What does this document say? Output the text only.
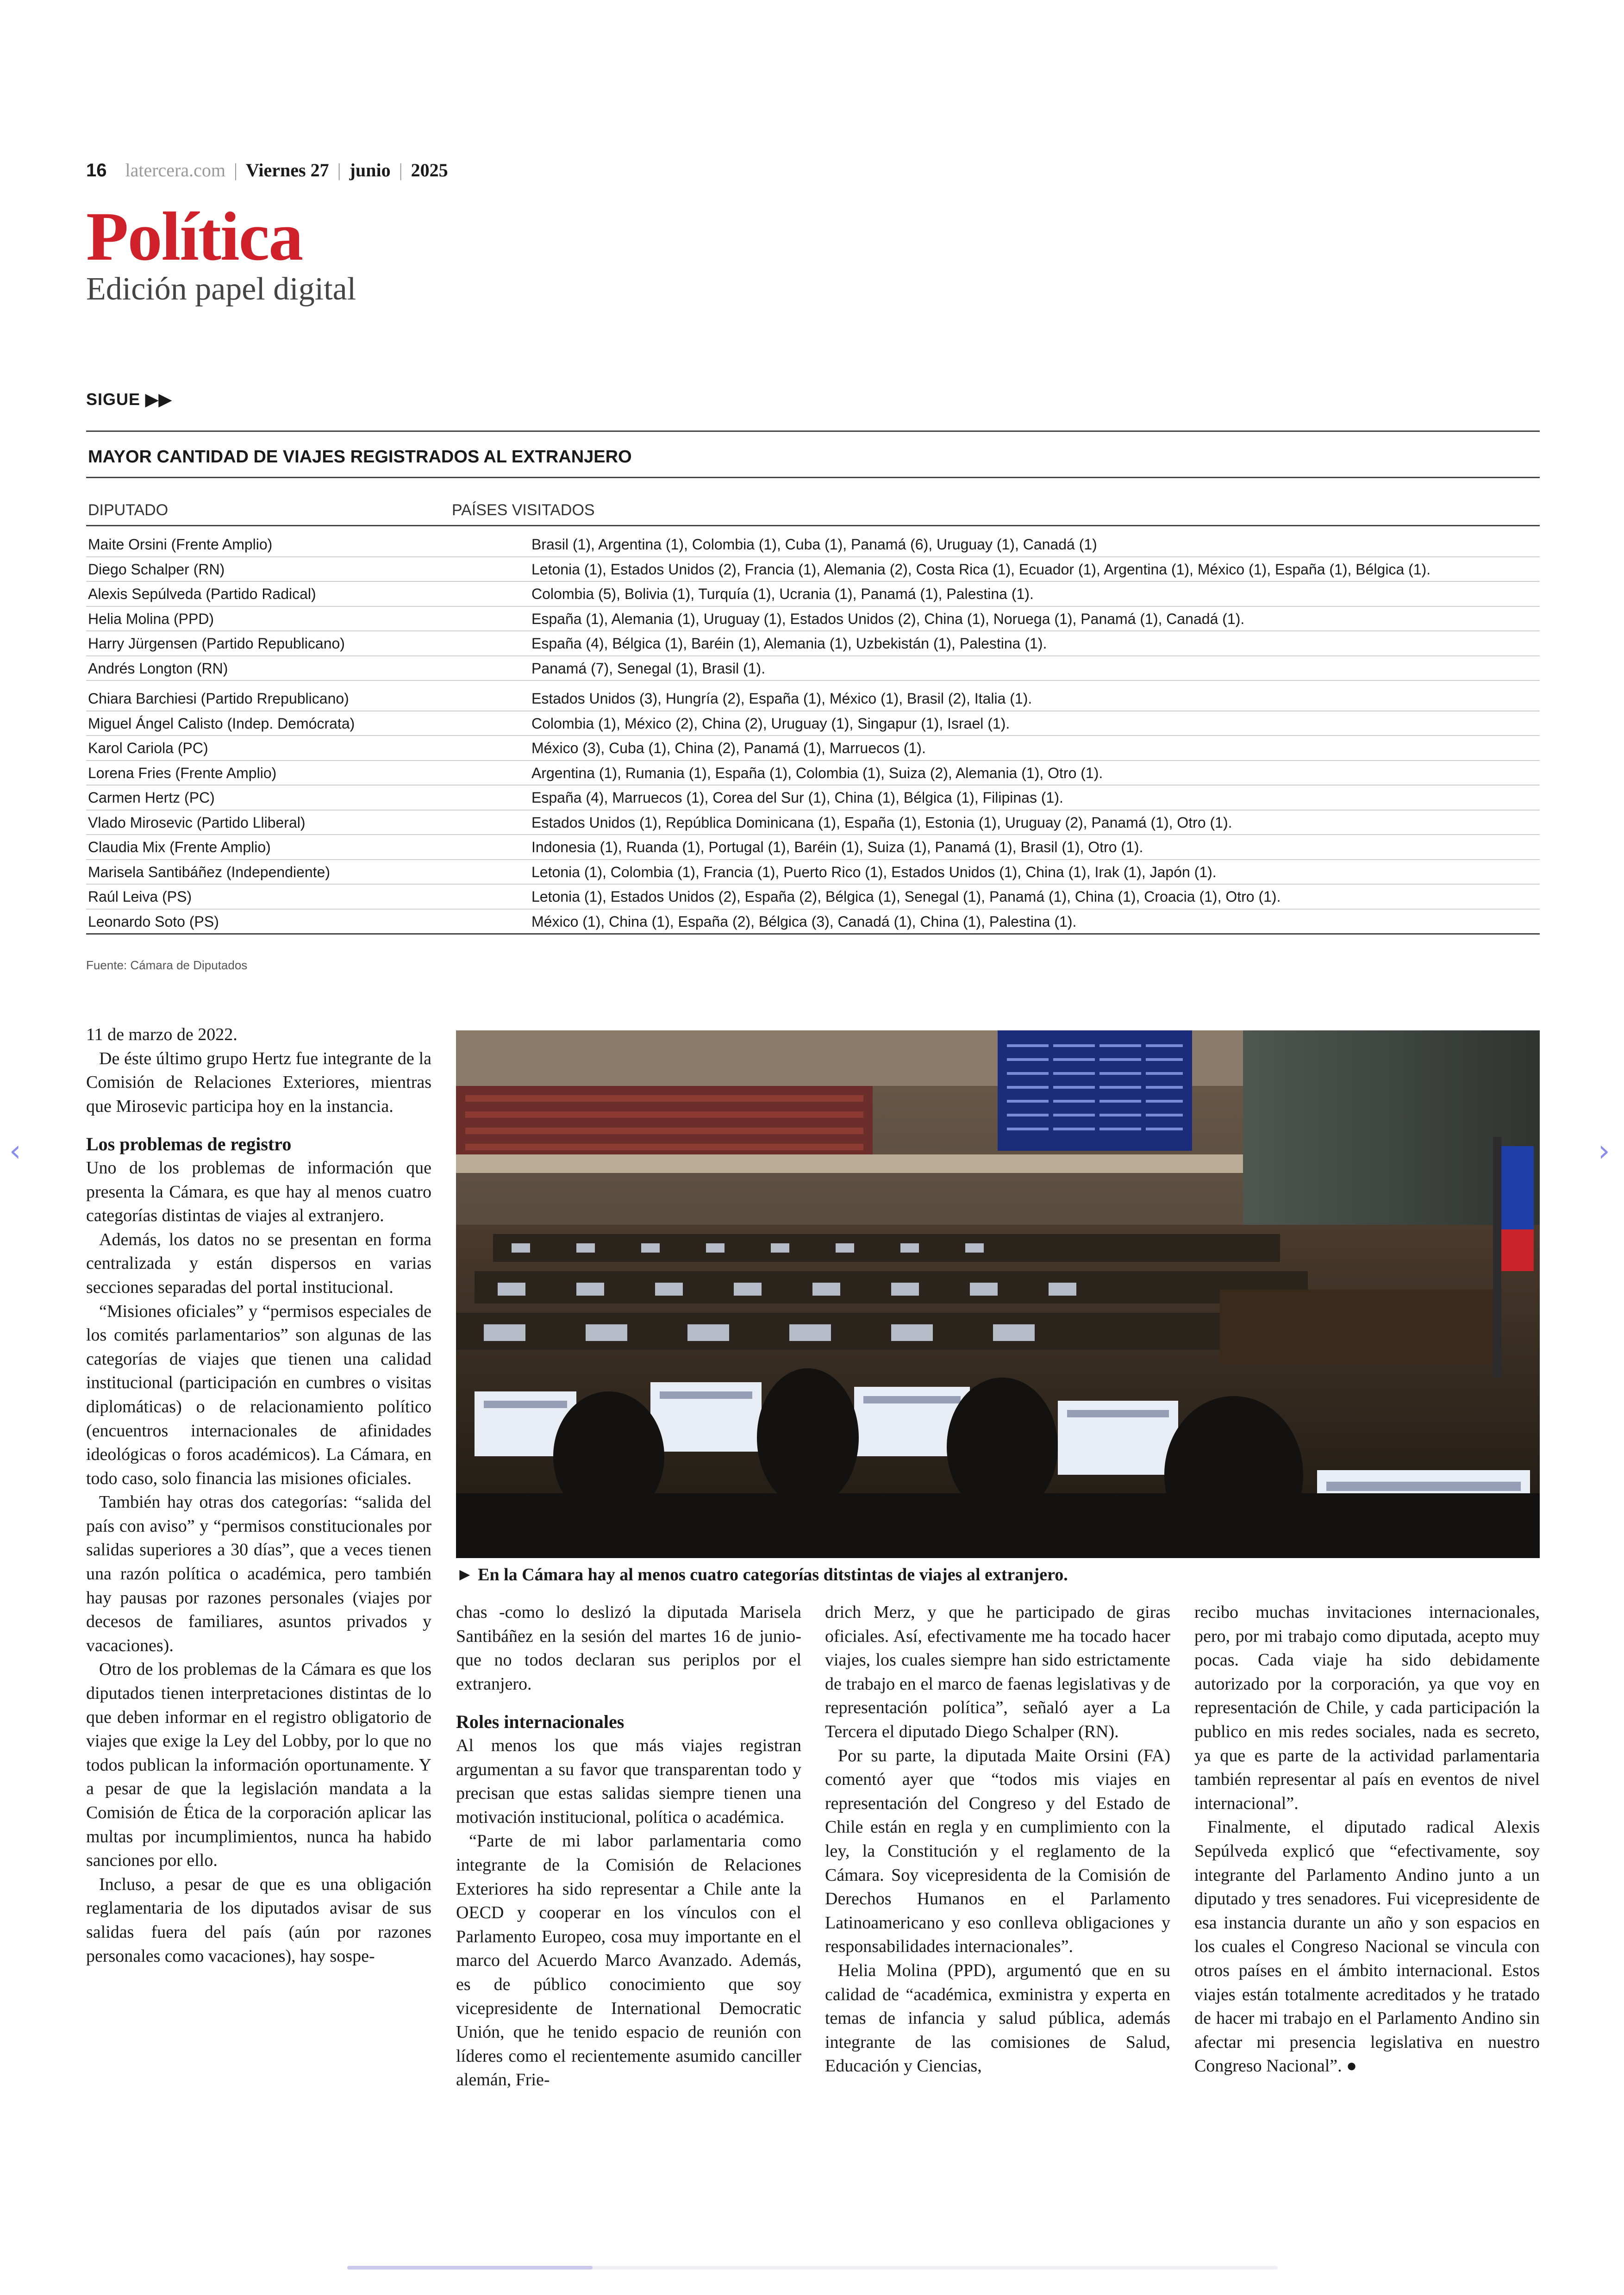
16 latercera.com | Viernes 27 | junio | 2025
Política
Edición papel digital
SIGUE ▶▶
MAYOR CANTIDAD DE VIAJES REGISTRADOS AL EXTRANJERO
DIPUTADO	PAÍSES VISITADOS
Maite Orsini (Frente Amplio)	Brasil (1), Argentina (1), Colombia (1), Cuba (1), Panamá (6), Uruguay (1), Canadá (1)
Diego Schalper (RN)	Letonia (1), Estados Unidos (2), Francia (1), Alemania (2), Costa Rica (1), Ecuador (1), Argentina (1), México (1), España (1), Bélgica (1).
Alexis Sepúlveda (Partido Radical)	Colombia (5), Bolivia (1), Turquía (1), Ucrania (1), Panamá (1), Palestina (1).
Helia Molina (PPD)	España (1), Alemania (1), Uruguay (1), Estados Unidos (2), China (1), Noruega (1), Panamá (1), Canadá (1).
Harry Jürgensen (Partido Republicano)	España (4), Bélgica (1), Baréin (1), Alemania (1), Uzbekistán (1), Palestina (1).
Andrés Longton (RN)	Panamá (7), Senegal (1), Brasil (1).
Chiara Barchiesi (Partido Rrepublicano)	Estados Unidos (3), Hungría (2), España (1), México (1), Brasil (2), Italia (1).
Miguel Ángel Calisto (Indep. Demócrata)	Colombia (1), México (2), China (2), Uruguay (1), Singapur (1), Israel (1).
Karol Cariola (PC)	México (3), Cuba (1), China (2), Panamá (1), Marruecos (1).
Lorena Fries (Frente Amplio)	Argentina (1), Rumania (1), España (1), Colombia (1), Suiza (2), Alemania (1), Otro (1).
Carmen Hertz (PC)	España (4), Marruecos (1), Corea del Sur (1), China (1), Bélgica (1), Filipinas (1).
Vlado Mirosevic (Partido Lliberal)	Estados Unidos (1), República Dominicana (1), España (1), Estonia (1), Uruguay (2), Panamá (1), Otro (1).
Claudia Mix (Frente Amplio)	Indonesia (1), Ruanda (1), Portugal (1), Baréin (1), Suiza (1), Panamá (1), Brasil (1), Otro (1).
Marisela Santibáñez (Independiente)	Letonia (1), Colombia (1), Francia (1), Puerto Rico (1), Estados Unidos (1), China (1), Irak (1), Japón (1).
Raúl Leiva (PS)	Letonia (1), Estados Unidos (2), España (2), Bélgica (1), Senegal (1), Panamá (1), China (1), Croacia (1), Otro (1).
Leonardo Soto (PS)	México (1), China (1), España (2), Bélgica (3), Canadá (1), China (1), Palestina (1).
Fuente: Cámara de Diputados
► En la Cámara hay al menos cuatro categorías ditstintas de viajes al extranjero.

11 de marzo de 2022.

De éste último grupo Hertz fue integrante de la Comisión de Relaciones Exteriores, mientras que Mirosevic participa hoy en la instancia.

Los problemas de registro

Uno de los problemas de información que presenta la Cámara, es que hay al menos cuatro categorías distintas de viajes al extranjero.

Además, los datos no se presentan en forma centralizada y están dispersos en varias secciones separadas del portal institucional.

“Misiones oficiales” y “permisos especiales de los comités parlamentarios” son algunas de las categorías de viajes que tienen una calidad institucional (participación en cumbres o visitas diplomáticas) o de relacionamiento político (encuentros internacionales de afinidades ideológicas o foros académicos). La Cámara, en todo caso, solo financia las misiones oficiales.

También hay otras dos categorías: “salida del país con aviso” y “permisos constitucionales por salidas superiores a 30 días”, que a veces tienen una razón política o académica, pero también hay pausas por razones personales (viajes por decesos de familiares, asuntos privados y vacaciones).

Otro de los problemas de la Cámara es que los diputados tienen interpretaciones distintas de lo que deben informar en el registro obligatorio de viajes que exige la Ley del Lobby, por lo que no todos publican la información oportunamente. Y a pesar de que la legislación mandata a la Comisión de Ética de la corporación aplicar las multas por incumplimientos, nunca ha habido sanciones por ello.

Incluso, a pesar de que es una obligación reglamentaria de los diputados avisar de sus salidas fuera del país (aún por razones personales como vacaciones), hay sospe-

chas -como lo deslizó la diputada Marisela Santibáñez en la sesión del martes 16 de junio- que no todos declaran sus periplos por el extranjero.

Roles internacionales

Al menos los que más viajes registran argumentan a su favor que transparentan todo y precisan que estas salidas siempre tienen una motivación institucional, política o académica.

“Parte de mi labor parlamentaria como integrante de la Comisión de Relaciones Exteriores ha sido representar a Chile ante la OECD y cooperar en los vínculos con el Parlamento Europeo, cosa muy importante en el marco del Acuerdo Marco Avanzado. Además, es de público conocimiento que soy vicepresidente de International Democratic Unión, que he tenido espacio de reunión con líderes como el recientemente asumido canciller alemán, Frie-

drich Merz, y que he participado de giras oficiales. Así, efectivamente me ha tocado hacer viajes, los cuales siempre han sido estrictamente de trabajo en el marco de faenas legislativas y de representación política”, señaló ayer a La Tercera el diputado Diego Schalper (RN).

Por su parte, la diputada Maite Orsini (FA) comentó ayer que “todos mis viajes en representación del Congreso y del Estado de Chile están en regla y en cumplimiento con la ley, la Constitución y el reglamento de la Cámara. Soy vicepresidenta de la Comisión de Derechos Humanos en el Parlamento Latinoamericano y eso conlleva obligaciones y responsabilidades internacionales”.

Helia Molina (PPD), argumentó que en su calidad de “académica, exministra y experta en temas de infancia y salud pública, además integrante de las comisiones de Salud, Educación y Ciencias,

recibo muchas invitaciones internacionales, pero, por mi trabajo como diputada, acepto muy pocas. Cada viaje ha sido debidamente autorizado por la corporación, ya que voy en representación de Chile, y cada participación la publico en mis redes sociales, nada es secreto, ya que es parte de la actividad parlamentaria también representar al país en eventos de nivel internacional”.

Finalmente, el diputado radical Alexis Sepúlveda explicó que “efectivamente, soy integrante del Parlamento Andino junto a un diputado y tres senadores. Fui vicepresidente de esa instancia durante un año y son espacios en los cuales el Congreso Nacional se vincula con otros países en el ámbito internacional. Estos viajes están totalmente acreditados y he tratado de hacer mi trabajo en el Parlamento Andino sin afectar mi presencia legislativa en nuestro Congreso Nacional”. ●

‹	›
